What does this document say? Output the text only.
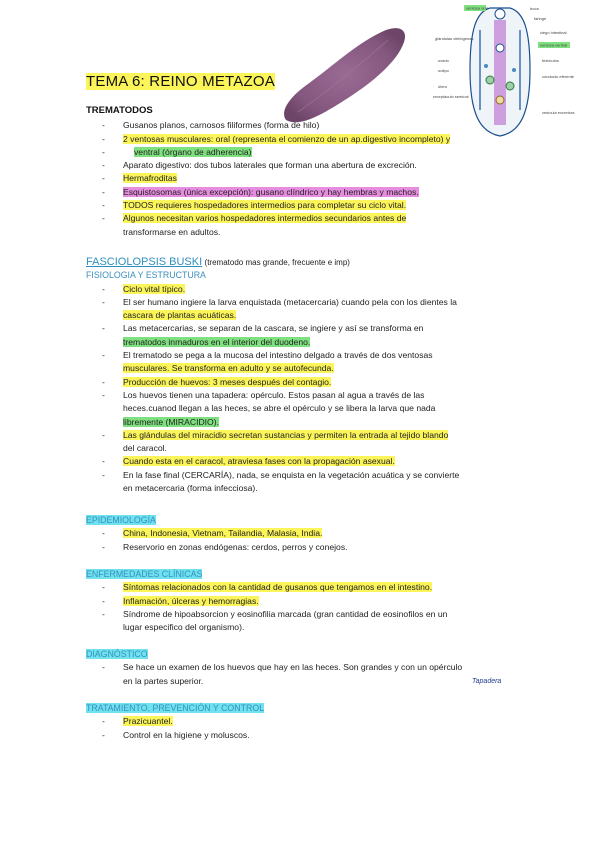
ventosa oral	boca
faringe
glándulas vitelógenas
ovario
ootipo
útero
receptáculo seminal
ciego intestinal
ventosa ventral
testículos
conducto eferente
vesícula excretora
TEMA 6: REINO METAZOA
TREMATODOS
- Gusanos planos, carnosos filiformes (forma de hilo)
- 2 ventosas musculares: oral (representa el comienzo de un ap.digestivo incompleto) y
- ventral (órgano de adherencia)
- Aparato digestivo: dos tubos laterales que forman una abertura de excreción.
- Hermafroditas
- Esquistosomas (única excepción): gusano clíndrico y hay hembras y machos.
- TODOS requieres hospedadores intermedios para completar su ciclo vital.
- Algunos necesitan varios hospedadores intermedios secundarios antes de
transformarse en adultos.
FASCIOLOPSIS BUSKI (trematodo mas grande, frecuente e imp)
FISIOLOGIA Y ESTRUCTURA
- Ciclo vital típico.
- El ser humano ingiere la larva enquistada (metacercaria) cuando pela con los dientes la
cascara de plantas acuáticas.
- Las metacercarias, se separan de la cascara, se ingiere y así se transforma en
trematodos inmaduros en el interior del duodeno.
- El trematodo se pega a la mucosa del intestino delgado a través de dos ventosas
musculares. Se transforma en adulto y se autofecunda.
- Producción de huevos: 3 meses después del contagio.
- Los huevos tienen una tapadera: opérculo. Estos pasan al agua a través de las
heces.cuanod llegan a las heces, se abre el opérculo y se libera la larva que nada
libremente (MIRACIDIO).
- Las glándulas del miracidio secretan sustancias y permiten la entrada al tejido blando
del caracol.
- Cuando esta en el caracol, atraviesa fases con la propagación asexual.
- En la fase final (CERCARÍA), nada, se enquista en la vegetación acuática y se convierte
en metacercaria (forma infecciosa).
EPIDEMIOLOGÍA
- China, Indonesia, Vietnam, Tailandia, Malasia, India.
- Reservorio en zonas endógenas: cerdos, perros y conejos.
ENFERMEDADES CLÍNICAS
- Síntomas relacionados con la cantidad de gusanos que tengamos en el intestino.
- Inflamación, úlceras y hemorragias.
- Síndrome de hipoabsorcion y eosinofilia marcada (gran cantidad de eosinofilos en un
lugar especifico del organismo).
DIAGNÓSTICO
- Se hace un examen de los huevos que hay en las heces. Son grandes y con un opérculo
en la partes superior.	Tapadera
TRATAMIENTO, PREVENCIÓN Y CONTROL
- Prazicuantel.
- Control en la higiene y moluscos.
